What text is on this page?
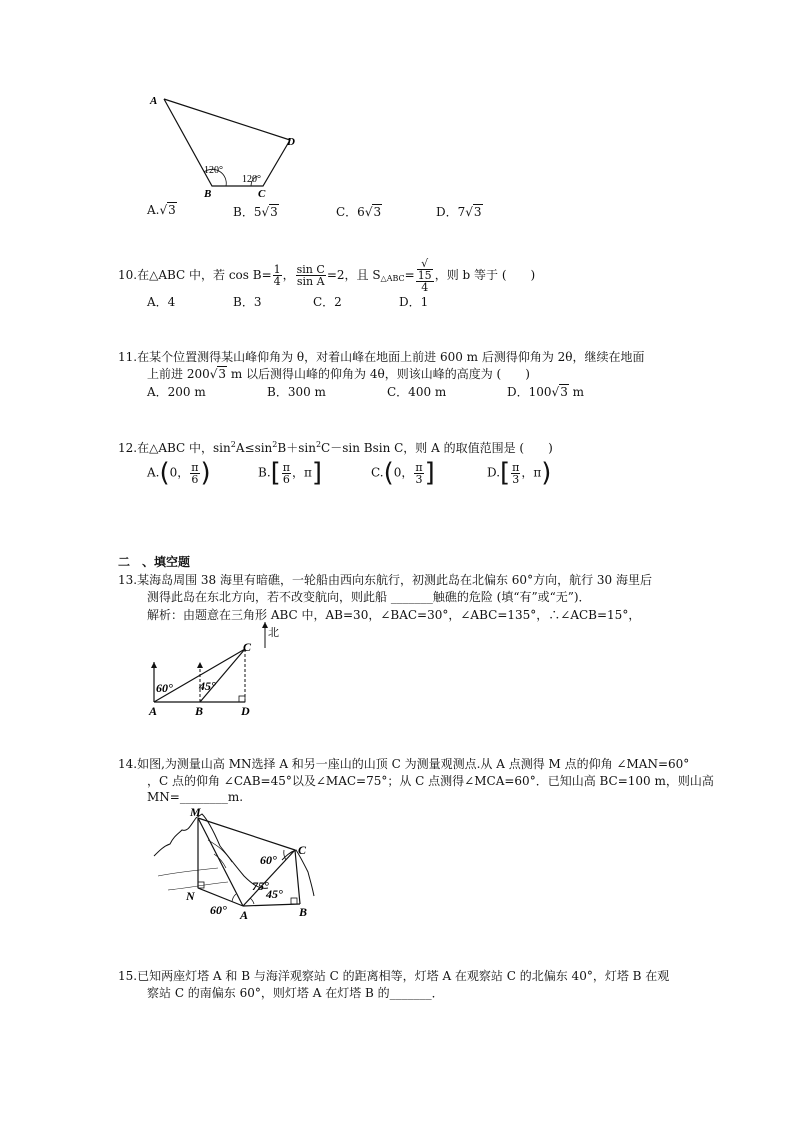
A
B	C
D
120°
120°
A.√3	B．5√3	C．6√3	D．7√3
10.在△ABC 中，若 $\cos B= \frac{1}{4}$ ， $\frac{\text{sin C}}{\text{sin A}} =2$，且 $S_{\triangle ABC}=$ √
15
4 ，则 b 等于 (　　)
A．4	B．3	C．2	D．1
11.在某个位置测得某山峰仰角为 θ，对着山峰在地面上前进 600 m 后测得仰角为 2θ，继续在地面
上前进 200√3 m 以后测得山峰的仰角为 4θ，则该山峰的高度为 (　　)
A．200 m	B．300 m	C．400 m	D．100√3 m
12.在△ABC 中，$\sin^2A\le\sin^2B+\sin^2C-\sin$ Bsin C，则 A 的取值范围是 (　　)
A.(0， $\frac{\pi}{6}$ )	$B.[ \frac{\pi}{6}$ ，π]	C.(0， $\frac{\pi}{3}$ ]	$D.[ \frac{\pi}{3}$ ，π)
二　、填空题
13.某海岛周围 38 海里有暗礁，一轮船由西向东航行，初测此岛在北偏东 60°方向，航行 30 海里后
测得此岛在东北方向，若不改变航向，则此船 _______触礁的危险 (填“有”或“无”)．
解析：由题意在三角形 ABC 中，AB=30，∠BAC=30°，∠ABC=135°，∴∠ACB=15°，
北
60° 45°
A	B
C
D
14.如图,为测量山高 MN选择 A 和另一座山的山顶 C 为测量观测点.从 A 点测得 M 点的仰角 ∠MAN=60°
，C 点的仰角 ∠CAB=45°以及∠MAC=75°；从 C 点测得∠MCA=60°．已知山高 BC=100 m，则山高
MN=________m.
M
N
A	B
C
60°
75°
45°
60°
15.已知两座灯塔 A 和 B 与海洋观察站 C 的距离相等，灯塔 A 在观察站 C 的北偏东 40°，灯塔 B 在观
察站 C 的南偏东 60°，则灯塔 A 在灯塔 B 的_______．
